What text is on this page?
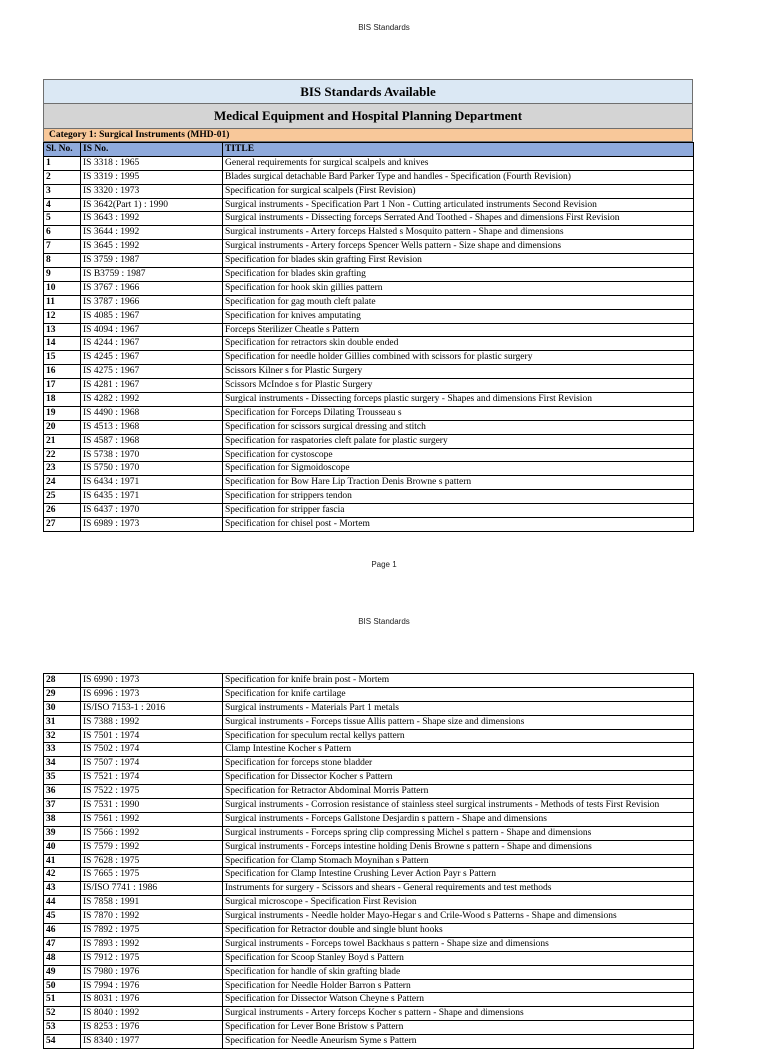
BIS Standards
BIS Standards Available
Medical Equipment and Hospital Planning Department
Category 1: Surgical Instruments (MHD-01)
Sl. No.	IS No.	TITLE
1	IS 3318 : 1965	General requirements for surgical scalpels and knives
2	IS 3319 : 1995	Blades surgical detachable Bard Parker Type and handles - Specification (Fourth Revision)
3	IS 3320 : 1973	Specification for surgical scalpels (First Revision)
4	IS 3642(Part 1) : 1990	Surgical instruments - Specification Part 1 Non - Cutting articulated instruments Second Revision
5	IS 3643 : 1992	Surgical instruments - Dissecting forceps Serrated And Toothed - Shapes and dimensions First Revision
6	IS 3644 : 1992	Surgical instruments - Artery forceps Halsted s Mosquito pattern - Shape and dimensions
7	IS 3645 : 1992	Surgical instruments - Artery forceps Spencer Wells pattern - Size shape and dimensions
8	IS 3759 : 1987	Specification for blades skin grafting First Revision
9	IS B3759 : 1987	Specification for blades skin grafting
10	IS 3767 : 1966	Specification for hook skin gillies pattern
11	IS 3787 : 1966	Specification for gag mouth cleft palate
12	IS 4085 : 1967	Specification for knives amputating
13	IS 4094 : 1967	Forceps Sterilizer Cheatle s Pattern
14	IS 4244 : 1967	Specification for retractors skin double ended
15	IS 4245 : 1967	Specification for needle holder Gillies combined with scissors for plastic surgery
16	IS 4275 : 1967	Scissors Kilner s for Plastic Surgery
17	IS 4281 : 1967	Scissors McIndoe s for Plastic Surgery
18	IS 4282 : 1992	Surgical instruments - Dissecting forceps plastic surgery - Shapes and dimensions First Revision
19	IS 4490 : 1968	Specification for Forceps Dilating Trousseau s
20	IS 4513 : 1968	Specification for scissors surgical dressing and stitch
21	IS 4587 : 1968	Specification for raspatories cleft palate for plastic surgery
22	IS 5738 : 1970	Specification for cystoscope
23	IS 5750 : 1970	Specification for Sigmoidoscope
24	IS 6434 : 1971	Specification for Bow Hare Lip Traction Denis Browne s pattern
25	IS 6435 : 1971	Specification for strippers tendon
26	IS 6437 : 1970	Specification for stripper fascia
27	IS 6989 : 1973	Specification for chisel post - Mortem
Page 1
BIS Standards
28	IS 6990 : 1973	Specification for knife brain post - Mortem
29	IS 6996 : 1973	Specification for knife cartilage
30	IS/ISO 7153-1 : 2016	Surgical instruments - Materials Part 1 metals
31	IS 7388 : 1992	Surgical instruments - Forceps tissue Allis pattern - Shape size and dimensions
32	IS 7501 : 1974	Specification for speculum rectal kellys pattern
33	IS 7502 : 1974	Clamp Intestine Kocher s Pattern
34	IS 7507 : 1974	Specification for forceps stone bladder
35	IS 7521 : 1974	Specification for Dissector Kocher s Pattern
36	IS 7522 : 1975	Specification for Retractor Abdominal Morris Pattern
37	IS 7531 : 1990	Surgical instruments - Corrosion resistance of stainless steel surgical instruments - Methods of tests First Revision
38	IS 7561 : 1992	Surgical instruments - Forceps Gallstone Desjardin s pattern - Shape and dimensions
39	IS 7566 : 1992	Surgical instruments - Forceps spring clip compressing Michel s pattern - Shape and dimensions
40	IS 7579 : 1992	Surgical instruments - Forceps intestine holding Denis Browne s pattern - Shape and dimensions
41	IS 7628 : 1975	Specification for Clamp Stomach Moynihan s Pattern
42	IS 7665 : 1975	Specification for Clamp Intestine Crushing Lever Action Payr s Pattern
43	IS/ISO 7741 : 1986	Instruments for surgery - Scissors and shears - General requirements and test methods
44	IS 7858 : 1991	Surgical microscope - Specification First Revision
45	IS 7870 : 1992	Surgical instruments - Needle holder Mayo-Hegar s and Crile-Wood s Patterns - Shape and dimensions
46	IS 7892 : 1975	Specification for Retractor double and single blunt hooks
47	IS 7893 : 1992	Surgical instruments - Forceps towel Backhaus s pattern - Shape size and dimensions
48	IS 7912 : 1975	Specification for Scoop Stanley Boyd s Pattern
49	IS 7980 : 1976	Specification for handle of skin grafting blade
50	IS 7994 : 1976	Specification for Needle Holder Barron s Pattern
51	IS 8031 : 1976	Specification for Dissector Watson Cheyne s Pattern
52	IS 8040 : 1992	Surgical instruments - Artery forceps Kocher s pattern - Shape and dimensions
53	IS 8253 : 1976	Specification for Lever Bone Bristow s Pattern
54	IS 8340 : 1977	Specification for Needle Aneurism Syme s Pattern
